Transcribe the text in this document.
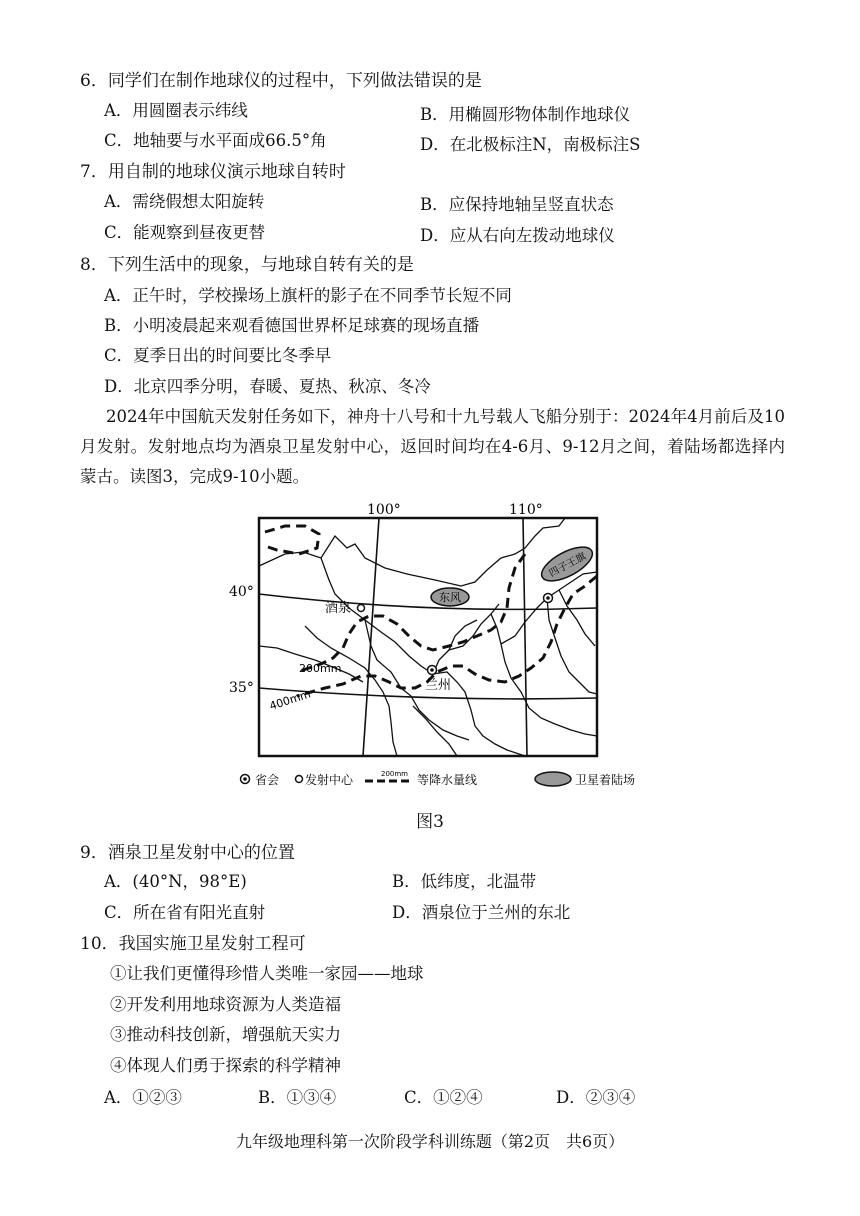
6．同学们在制作地球仪的过程中，下列做法错误的是
A．用圆圈表示纬线	B．用椭圆形物体制作地球仪
C．地轴要与水平面成66.5°角	D．在北极标注N，南极标注S
7．用自制的地球仪演示地球自转时
A．需绕假想太阳旋转	B．应保持地轴呈竖直状态
C．能观察到昼夜更替	D．应从右向左拨动地球仪
8．下列生活中的现象，与地球自转有关的是
A．正午时，学校操场上旗杆的影子在不同季节长短不同
B．小明凌晨起来观看德国世界杯足球赛的现场直播
C．夏季日出的时间要比冬季早
D．北京四季分明，春暖、夏热、秋凉、冬冷
2024年中国航天发射任务如下，神舟十八号和十九号载人飞船分别于：2024年4月前后及10月发射。发射地点均为酒泉卫星发射中心，返回时间均在4-6月、9-12月之间，着陆场都选择内蒙古。读图3，完成9-10小题。
200mm
400mm
100°	110°
40°
35°
东风
四子王旗
兰州
酒泉
省会 发射中心	200mm 等降水量线	卫星着陆场
图3
9．酒泉卫星发射中心的位置
A．(40°N，98°E)	B．低纬度，北温带
C．所在省有阳光直射	D．酒泉位于兰州的东北
10．我国实施卫星发射工程可
①让我们更懂得珍惜人类唯一家园——地球
②开发利用地球资源为人类造福
③推动科技创新，增强航天实力
④体现人们勇于探索的科学精神
A．①②③	B．①③④	C．①②④	D．②③④
九年级地理科第一次阶段学科训练题（第2页　共6页）
